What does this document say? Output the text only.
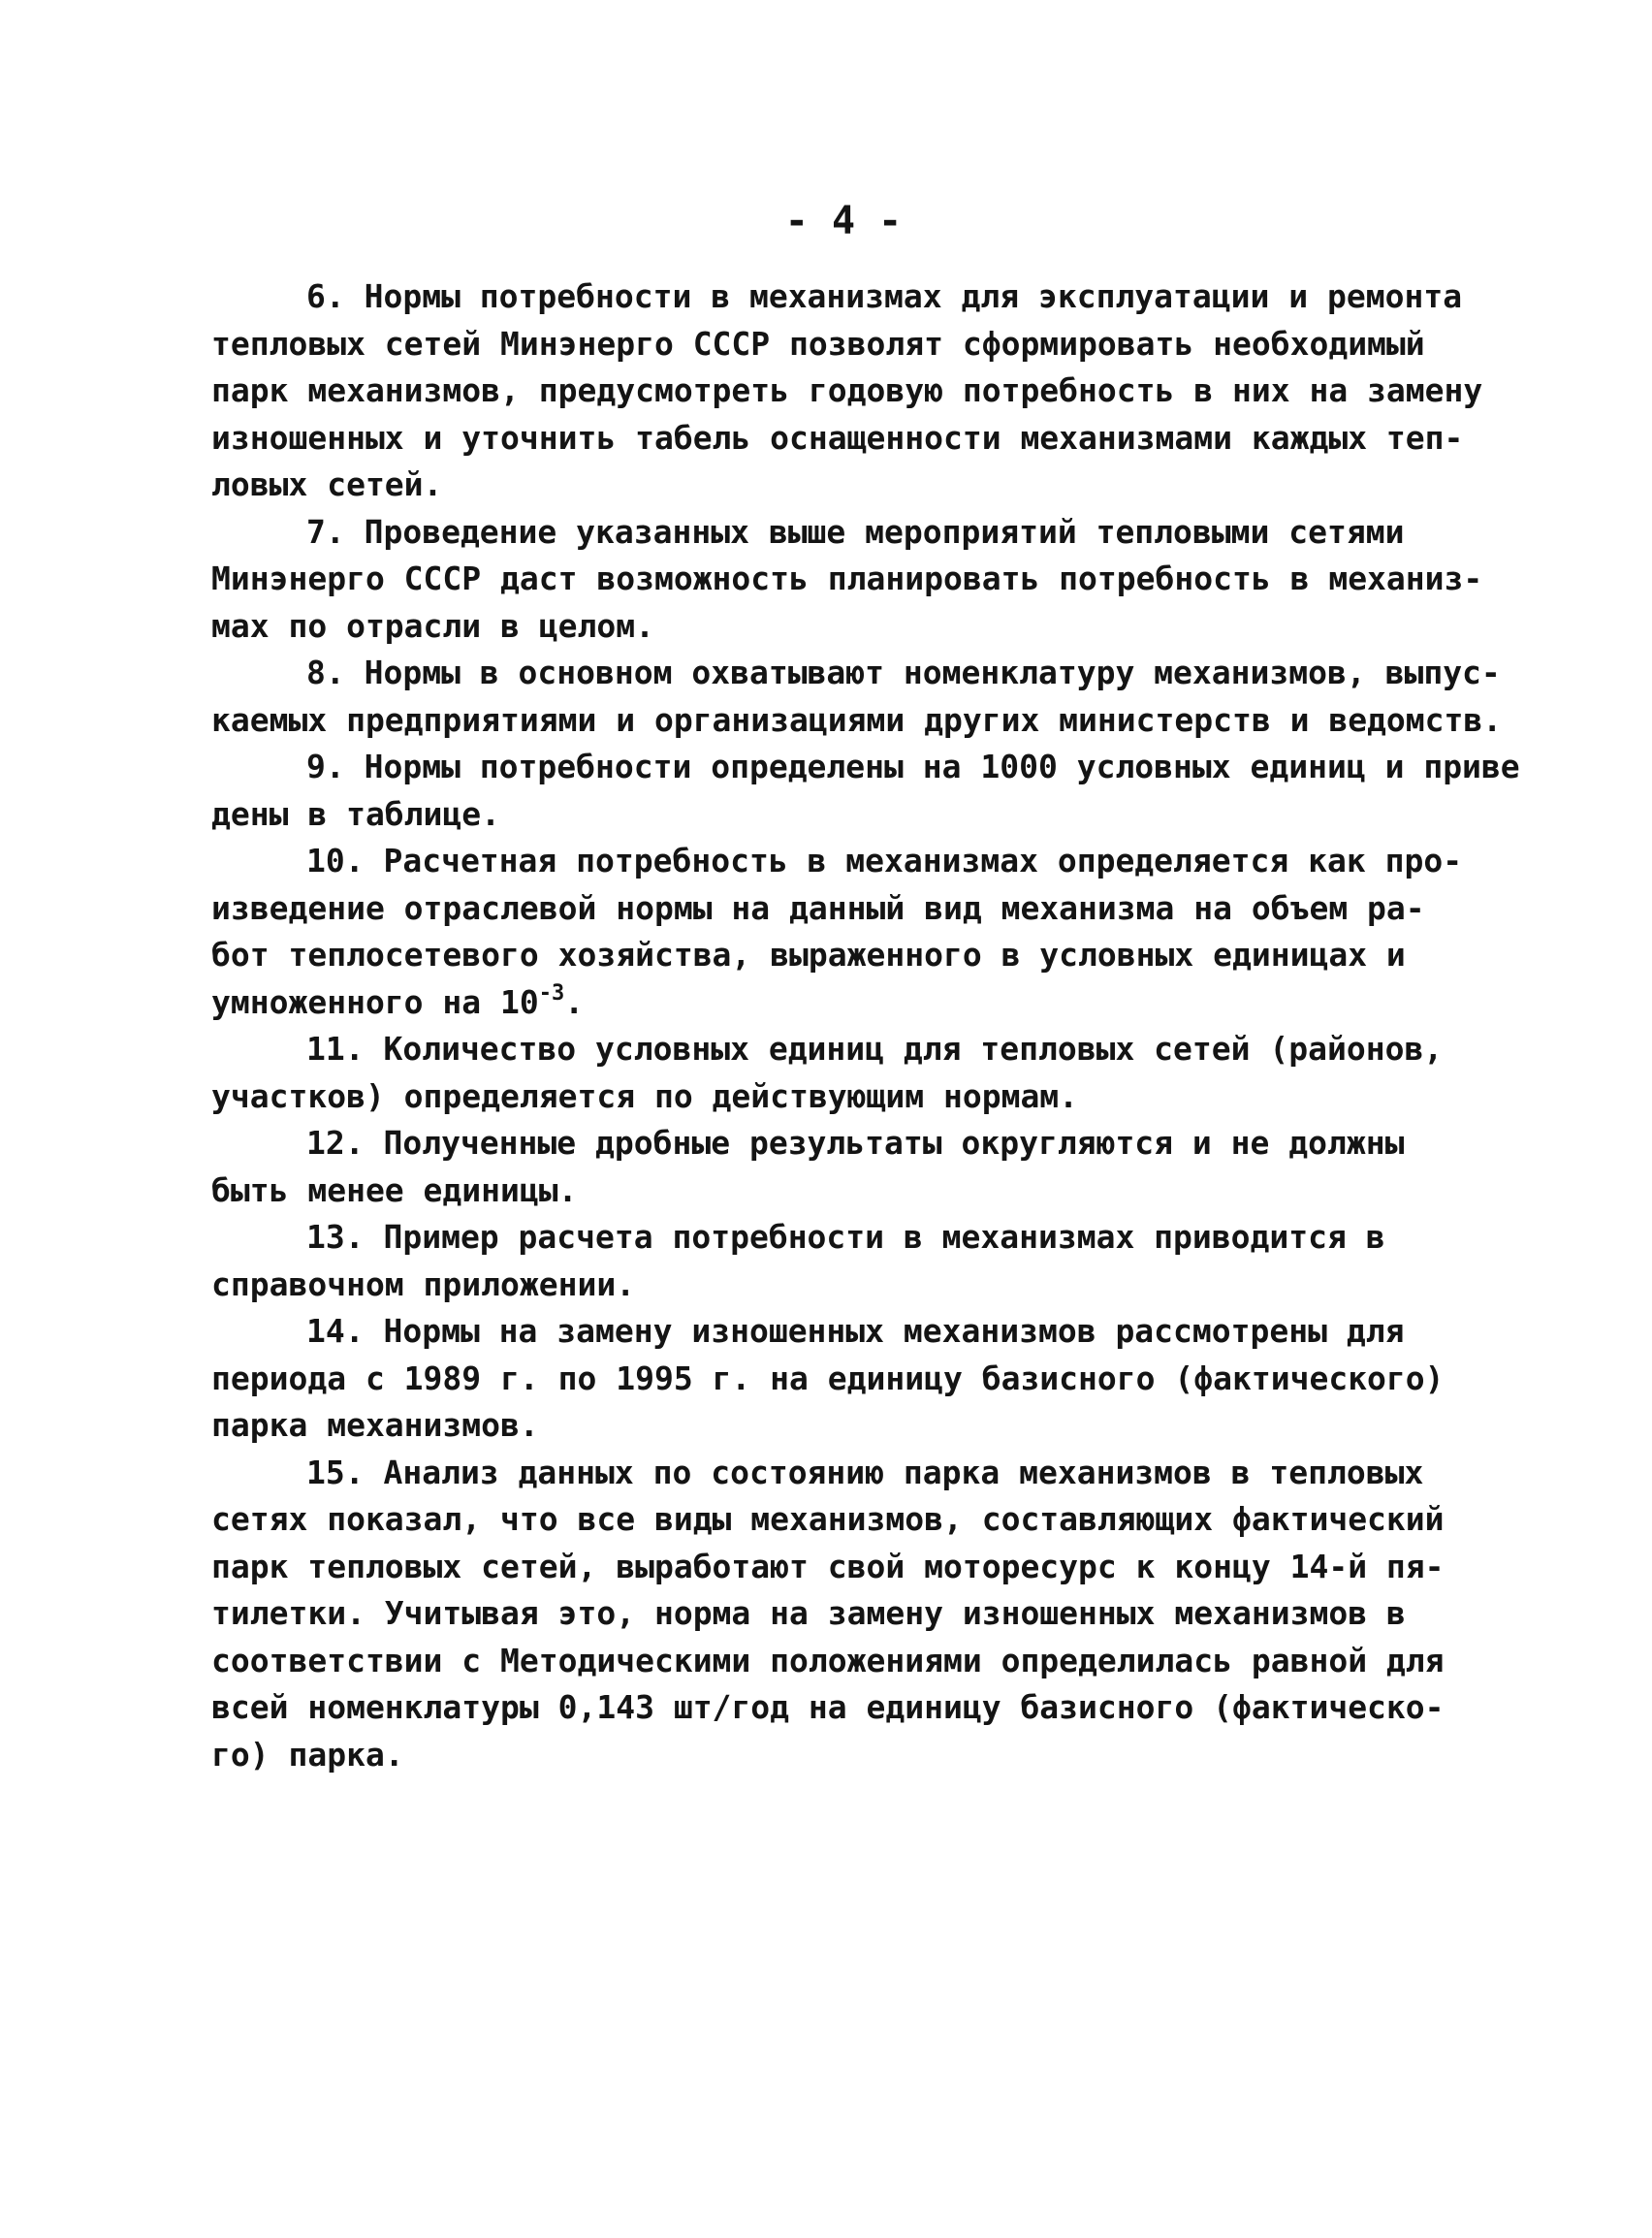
- 4 -
6. Нормы потребности в механизмах для эксплуатации и ремонта
тепловых сетей Минэнерго СССР позволят сформировать необходимый
парк механизмов, предусмотреть годовую потребность в них на замену
изношенных и уточнить табель оснащенности механизмами каждых теп-
ловых сетей.
7. Проведение указанных выше мероприятий тепловыми сетями
Минэнерго СССР даст возможность планировать потребность в механиз-
мах по отрасли в целом.
8. Нормы в основном охватывают номенклатуру механизмов, выпус-
каемых предприятиями и организациями других министерств и ведомств.
9. Нормы потребности определены на 1000 условных единиц и приве
дены в таблице.
10. Расчетная потребность в механизмах определяется как про-
изведение отраслевой нормы на данный вид механизма на объем ра-
бот теплосетевого хозяйства, выраженного в условных единицах и
умноженного на $10^{-3}$.
11. Количество условных единиц для тепловых сетей (районов,
участков) определяется по действующим нормам.
12. Полученные дробные результаты округляются и не должны
быть менее единицы.
13. Пример расчета потребности в механизмах приводится в
справочном приложении.
14. Нормы на замену изношенных механизмов рассмотрены для
периода с 1989 г. по 1995 г. на единицу базисного (фактического)
парка механизмов.
15. Анализ данных по состоянию парка механизмов в тепловых
сетях показал, что все виды механизмов, составляющих фактический
парк тепловых сетей, выработают свой моторесурс к концу 14-й пя-
тилетки. Учитывая это, норма на замену изношенных механизмов в
соответствии с Методическими положениями определилась равной для
всей номенклатуры 0,143 шт/год на единицу базисного (фактическо-
го) парка.
